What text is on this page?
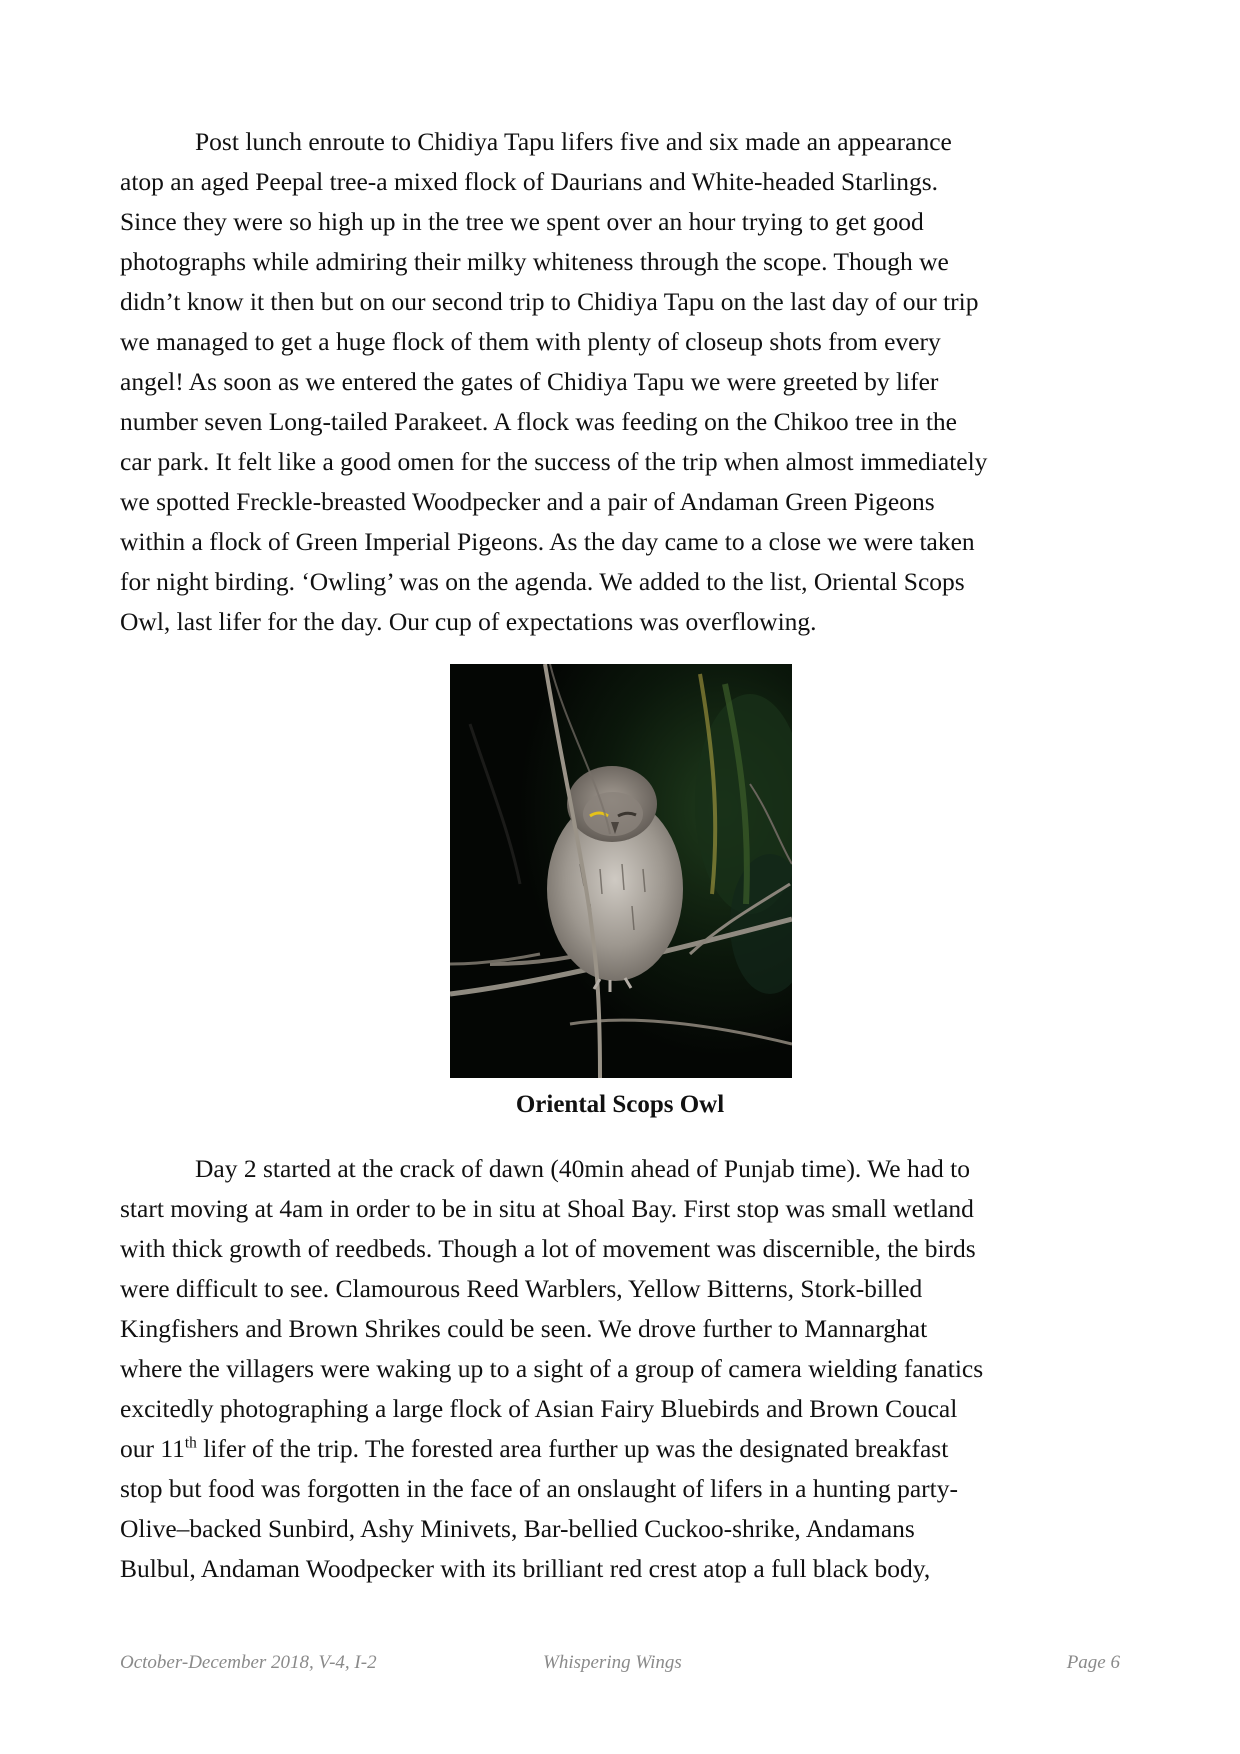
Post lunch enroute to Chidiya Tapu lifers five and six made an appearance
atop an aged Peepal tree-a mixed flock of Daurians and White-headed Starlings.
Since they were so high up in the tree we spent over an hour trying to get good
photographs while admiring their milky whiteness through the scope. Though we
didn’t know it then but on our second trip to Chidiya Tapu on the last day of our trip
we managed to get a huge flock of them with plenty of closeup shots from every
angel! As soon as we entered the gates of Chidiya Tapu we were greeted by lifer
number seven Long-tailed Parakeet. A flock was feeding on the Chikoo tree in the
car park. It felt like a good omen for the success of the trip when almost immediately
we spotted Freckle-breasted Woodpecker and a pair of Andaman Green Pigeons
within a flock of Green Imperial Pigeons. As the day came to a close we were taken
for night birding. ‘Owling’ was on the agenda. We added to the list, Oriental Scops
Owl, last lifer for the day. Our cup of expectations was overflowing.

Oriental Scops Owl

Day 2 started at the crack of dawn (40min ahead of Punjab time). We had to
start moving at 4am in order to be in situ at Shoal Bay. First stop was small wetland
with thick growth of reedbeds. Though a lot of movement was discernible, the birds
were difficult to see. Clamourous Reed Warblers, Yellow Bitterns, Stork-billed
Kingfishers and Brown Shrikes could be seen. We drove further to Mannarghat
where the villagers were waking up to a sight of a group of camera wielding fanatics
excitedly photographing a large flock of Asian Fairy Bluebirds and Brown Coucal
our 11th lifer of the trip. The forested area further up was the designated breakfast
stop but food was forgotten in the face of an onslaught of lifers in a hunting party-
Olive–backed Sunbird, Ashy Minivets, Bar-bellied Cuckoo-shrike, Andamans
Bulbul, Andaman Woodpecker with its brilliant red crest atop a full black body,

October-December 2018, V-4, I-2	Whispering Wings	Page 6
